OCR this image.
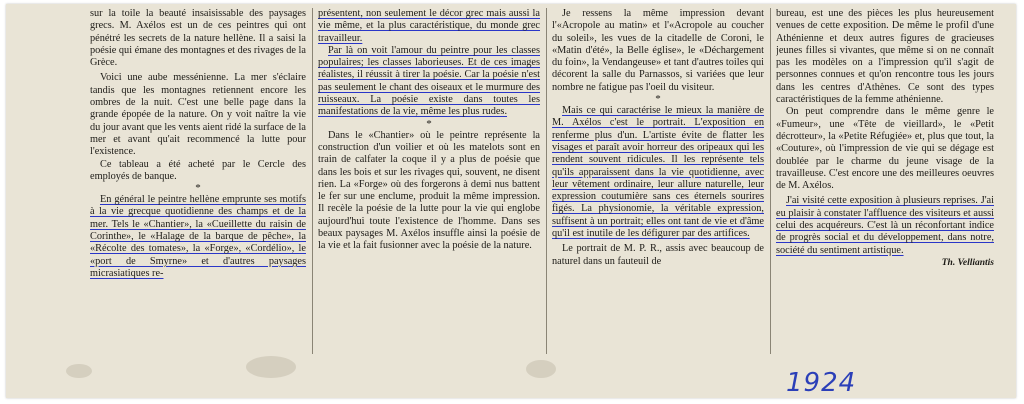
sur la toile la beauté insaisissable des paysages grecs. M. Axélos est un de ces peintres qui ont pénétré les secrets de la nature hellène. Il a saisi la poésie qui émane des montagnes et des rivages de la Grèce.

Voici une aube messénienne. La mer s'éclaire tandis que les montagnes retiennent encore les ombres de la nuit. C'est une belle page dans la grande épopée de la nature. On y voit naître la vie du jour avant que les vents aient ridé la surface de la mer et avant qu'ait recommencé la lutte pour l'existence.

Ce tableau a été acheté par le Cercle des employés de banque.

*

En général le peintre hellène emprunte ses motifs à la vie grecque quotidienne des champs et de la mer. Tels le «Chantier», la «Cueillette du raisin de Corinthe», le «Halage de la barque de pêche», la «Récolte des tomates», la «Forge», «Cordélio», le «port de Smyrne» et d'autres paysages micrasiatiques re-

présentent, non seulement le décor grec mais aussi la vie même, et la plus caractéristique, du monde grec travailleur.

Par là on voit l'amour du peintre pour les classes populaires; les classes laborieuses. Et de ces images réalistes, il réussit à tirer la poésie. Car la poésie n'est pas seulement le chant des oiseaux et le murmure des ruisseaux. La poésie existe dans toutes les manifestations de la vie, même les plus rudes.

*

Dans le «Chantier» où le peintre représente la construction d'un voilier et où les matelots sont en train de calfater la coque il y a plus de poésie que dans les bois et sur les rivages qui, souvent, ne disent rien. La «Forge» où des forgerons à demi nus battent le fer sur une enclume, produit la même impression. Il recèle la poésie de la lutte pour la vie qui englobe aujourd'hui toute l'existence de l'homme. Dans ses beaux paysages M. Axélos insuffle ainsi la poésie de la vie et la fait fusionner avec la poésie de la nature.

Je ressens la même impression devant l'«Acropole au matin» et l'«Acropole au coucher du soleil», les vues de la citadelle de Coroni, le «Matin d'été», la Belle église», le «Déchargement du foin», la Vendangeuse» et tant d'autres toiles qui décorent la salle du Parnassos, si variées que leur nombre ne fatigue pas l'oeil du visiteur.

*

Mais ce qui caractérise le mieux la manière de M. Axélos c'est le portrait. L'exposition en renferme plus d'un. L'artiste évite de flatter les visages et paraît avoir horreur des oripeaux qui les rendent souvent ridicules. Il les représente tels qu'ils apparaissent dans la vie quotidienne, avec leur vêtement ordinaire, leur allure naturelle, leur expression coutumière sans ces éternels sourires figés. La physionomie, la véritable expression, suffisent à un portrait; elles ont tant de vie et d'âme qu'il est inutile de les défigurer par des artifices.

Le portrait de M. P. R., assis avec beaucoup de naturel dans un fauteuil de

bureau, est une des pièces les plus heureusement venues de cette exposition. De même le profil d'une Athénienne et deux autres figures de gracieuses jeunes filles si vivantes, que même si on ne connaît pas les modèles on a l'impression qu'il s'agit de personnes connues et qu'on rencontre tous les jours dans les centres d'Athènes. Ce sont des types caractéristiques de la femme athénienne.

On peut comprendre dans le même genre le «Fumeur», une «Tête de vieillard», le «Petit décrotteur», la «Petite Réfugiée» et, plus que tout, la «Couture», où l'impression de vie qui se dégage est doublée par le charme du jeune visage de la travailleuse. C'est encore une des meilleures oeuvres de M. Axélos.

J'ai visité cette exposition à plusieurs reprises. J'ai eu plaisir à constater l'affluence des visiteurs et aussi celui des acquéreurs. C'est là un réconfortant indice de progrès social et du développement, dans notre, société du sentiment artistique.

Th. Velliantis

1924
